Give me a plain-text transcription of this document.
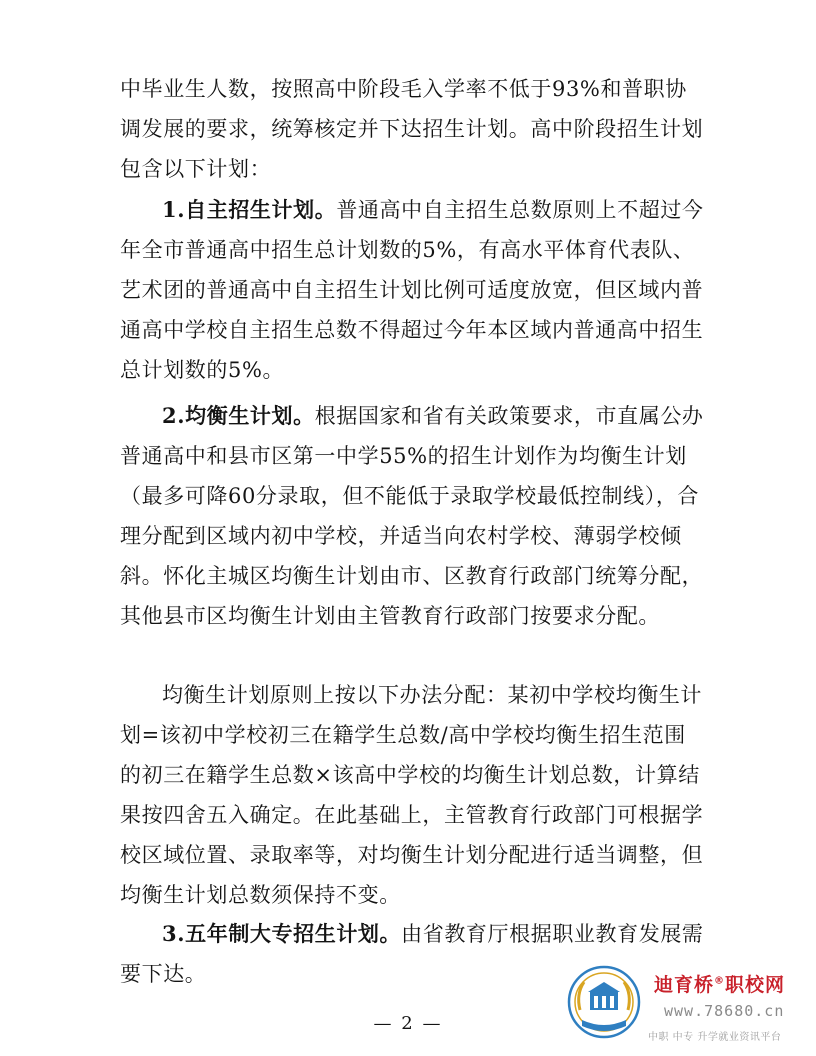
中毕业生人数，按照高中阶段毛入学率不低于93%和普职协调发展的要求，统筹核定并下达招生计划。高中阶段招生计划包含以下计划：

1.自主招生计划。普通高中自主招生总数原则上不超过今年全市普通高中招生总计划数的5%，有高水平体育代表队、艺术团的普通高中自主招生计划比例可适度放宽，但区域内普通高中学校自主招生总数不得超过今年本区域内普通高中招生总计划数的5%。

2.均衡生计划。根据国家和省有关政策要求，市直属公办普通高中和县市区第一中学55%的招生计划作为均衡生计划（最多可降60分录取，但不能低于录取学校最低控制线），合理分配到区域内初中学校，并适当向农村学校、薄弱学校倾斜。怀化主城区均衡生计划由市、区教育行政部门统筹分配，其他县市区均衡生计划由主管教育行政部门按要求分配。

均衡生计划原则上按以下办法分配：某初中学校均衡生计划=该初中学校初三在籍学生总数/高中学校均衡生招生范围的初三在籍学生总数×该高中学校的均衡生计划总数，计算结果按四舍五入确定。在此基础上，主管教育行政部门可根据学校区域位置、录取率等，对均衡生计划分配进行适当调整，但均衡生计划总数须保持不变。

3.五年制大专招生计划。由省教育厅根据职业教育发展需要下达。

— 2 —
迪育桥®职校网
www.78680.cn
中职 中专 升学就业资讯平台
